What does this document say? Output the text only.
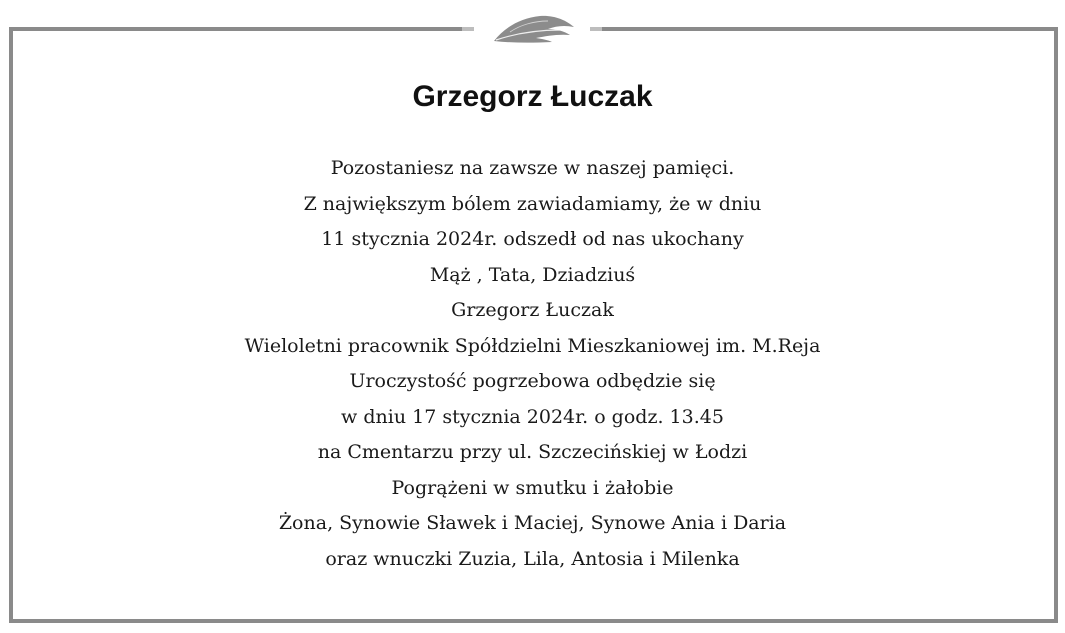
Grzegorz Łuczak
Pozostaniesz na zawsze w naszej pamięci.
Z największym bólem zawiadamiamy, że w dniu
11 stycznia 2024r. odszedł od nas ukochany
Mąż , Tata, Dziadziuś
Grzegorz Łuczak
Wieloletni pracownik Spółdzielni Mieszkaniowej im. M.Reja
Uroczystość pogrzebowa odbędzie się
w dniu 17 stycznia 2024r. o godz. 13.45
na Cmentarzu przy ul. Szczecińskiej w Łodzi
Pogrążeni w smutku i żałobie
Żona, Synowie Sławek i Maciej, Synowe Ania i Daria
oraz wnuczki Zuzia, Lila, Antosia i Milenka
